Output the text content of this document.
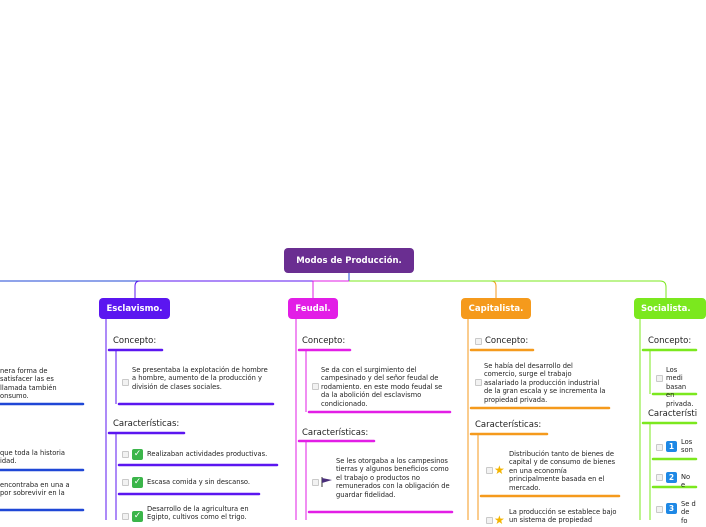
Modos de Producción.
Esclavismo.	Feudal.	Capitalista.	Socialista.
nera forma de satisfacer las es llamada también onsumo.
que toda la historia idad.
encontraba en una a por sobrevivir en la
Concepto:
Se presentaba la explotación de hombre a hombre, aumento de la producción y división de clases sociales.
Características:
✓ Realizaban actividades productivas.
✓ Escasa comida y sin descanso.
✓
Desarrollo de la agricultura en Egipto, cultivos como el trigo.
Concepto:
Se da con el surgimiento del campesinado y del señor feudal de rodamiento. en este modo feudal se da la abolición del esclavismo condicionado.
Características:
Se les otorgaba a los campesinos tierras y algunos beneficios como el trabajo o productos no remunerados con la obligación de guardar fidelidad.
Concepto:
Se había del desarrollo del comercio, surge el trabajo asalariado la producción industrial de la gran escala y se incrementa la propiedad privada.
Características:
★
Distribución tanto de bienes de capital y de consumo de bienes en una economía principalmente basada en el mercado.
★
La producción se establece bajo un sistema de propiedad
Concepto:
Los medi basan en privada.
Característi
1	Los son
2	No e
3	Se d de fo
